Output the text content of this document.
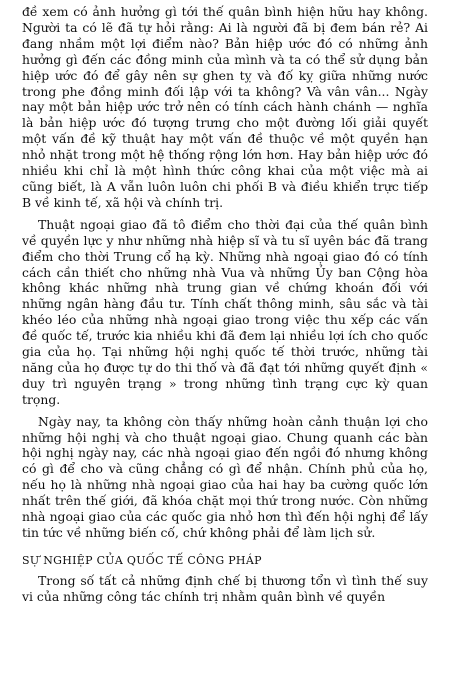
đề xem có ảnh hưởng gì tới thế quân bình hiện hữu hay không. Người ta có lẽ đã tự hỏi rằng: Ai là người đã bị đem bán rẻ? Ai đang nhầm một lợi điểm nào? Bản hiệp ước đó có những ảnh hưởng gì đến các đồng minh của mình và ta có thể sử dụng bản hiệp ước đó để gây nên sự ghen tỵ và đố kỵ giữa những nước trong phe đồng minh đối lập với ta không? Và vân vân... Ngày nay một bản hiệp ước trở nên có tính cách hành chánh — nghĩa là bản hiệp ước đó tượng trưng cho một đường lối giải quyết một vấn đề kỹ thuật hay một vấn đề thuộc về một quyền hạn nhỏ nhặt trong một hệ thống rộng lớn hơn. Hay bản hiệp ước đó nhiều khi chỉ là một hình thức công khai của một việc mà ai cũng biết, là A vẫn luôn luôn chi phối B và điều khiển trực tiếp B về kinh tế, xã hội và chính trị.

Thuật ngoại giao đã tô điểm cho thời đại của thế quân bình về quyền lực y như những nhà hiệp sĩ và tu sĩ uyên bác đã trang điểm cho thời Trung cổ hạ kỳ. Những nhà ngoại giao đó có tính cách cần thiết cho những nhà Vua và những Ủy ban Cộng hòa không khác những nhà trung gian về chứng khoán đối với những ngân hàng đầu tư. Tính chất thông minh, sâu sắc và tài khéo léo của những nhà ngoại giao trong việc thu xếp các vấn đề quốc tế, trước kia nhiều khi đã đem lại nhiều lợi ích cho quốc gia của họ. Tại những hội nghị quốc tế thời trước, những tài năng của họ được tự do thi thố và đã đạt tới những quyết định « duy trì nguyên trạng » trong những tình trạng cực kỳ quan trọng.

Ngày nay, ta không còn thấy những hoàn cảnh thuận lợi cho những hội nghị và cho thuật ngoại giao. Chung quanh các bàn hội nghị ngày nay, các nhà ngoại giao đến ngồi đó nhưng không có gì để cho và cũng chẳng có gì để nhận. Chính phủ của họ, nếu họ là những nhà ngoại giao của hai hay ba cường quốc lớn nhất trên thế giới, đã khóa chặt mọi thứ trong nước. Còn những nhà ngoại giao của các quốc gia nhỏ hơn thì đến hội nghị để lấy tin tức về những biến cố, chứ không phải để làm lịch sử.

SỰ NGHIỆP CỦA QUỐC TẾ CÔNG PHÁP

Trong số tất cả những định chế bị thương tổn vì tình thế suy vi của những công tác chính trị nhằm quân bình về quyền
